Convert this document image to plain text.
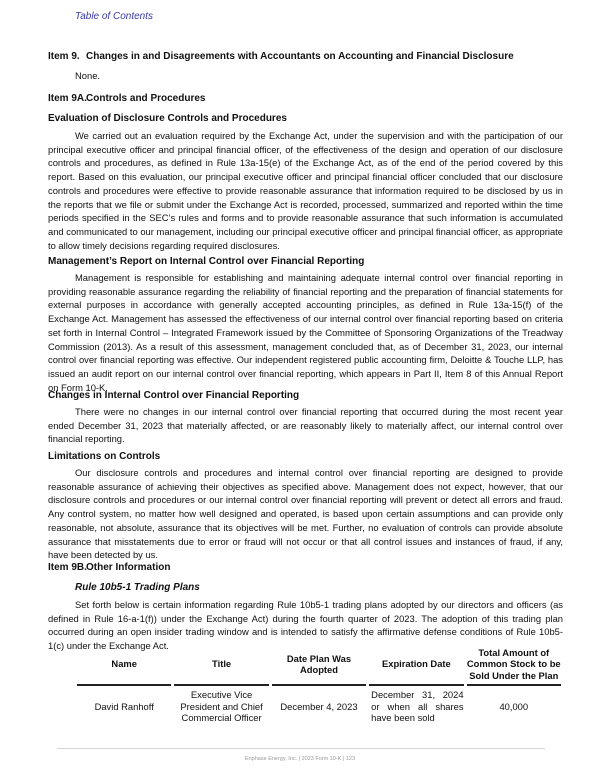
Table of Contents
Item 9. Changes in and Disagreements with Accountants on Accounting and Financial Disclosure
None.
Item 9A.Controls and Procedures
Evaluation of Disclosure Controls and Procedures

We carried out an evaluation required by the Exchange Act, under the supervision and with the participation of our principal executive officer and principal financial officer, of the effectiveness of the design and operation of our disclosure controls and procedures, as defined in Rule 13a-15(e) of the Exchange Act, as of the end of the period covered by this report. Based on this evaluation, our principal executive officer and principal financial officer concluded that our disclosure controls and procedures were effective to provide reasonable assurance that information required to be disclosed by us in the reports that we file or submit under the Exchange Act is recorded, processed, summarized and reported within the time periods specified in the SEC’s rules and forms and to provide reasonable assurance that such information is accumulated and communicated to our management, including our principal executive officer and principal financial officer, as appropriate to allow timely decisions regarding required disclosures.

Management’s Report on Internal Control over Financial Reporting

Management is responsible for establishing and maintaining adequate internal control over financial reporting in providing reasonable assurance regarding the reliability of financial reporting and the preparation of financial statements for external purposes in accordance with generally accepted accounting principles, as defined in Rule 13a-15(f) of the Exchange Act. Management has assessed the effectiveness of our internal control over financial reporting based on criteria set forth in Internal Control – Integrated Framework issued by the Committee of Sponsoring Organizations of the Treadway Commission (2013). As a result of this assessment, management concluded that, as of December 31, 2023, our internal control over financial reporting was effective. Our independent registered public accounting firm, Deloitte & Touche LLP, has issued an audit report on our internal control over financial reporting, which appears in Part II, Item 8 of this Annual Report on Form 10-K.

Changes in Internal Control over Financial Reporting

There were no changes in our internal control over financial reporting that occurred during the most recent year ended December 31, 2023 that materially affected, or are reasonably likely to materially affect, our internal control over financial reporting.

Limitations on Controls

Our disclosure controls and procedures and internal control over financial reporting are designed to provide reasonable assurance of achieving their objectives as specified above. Management does not expect, however, that our disclosure controls and procedures or our internal control over financial reporting will prevent or detect all errors and fraud. Any control system, no matter how well designed and operated, is based upon certain assumptions and can provide only reasonable, not absolute, assurance that its objectives will be met. Further, no evaluation of controls can provide absolute assurance that misstatements due to error or fraud will not occur or that all control issues and instances of fraud, if any, have been detected by us.

Item 9B.Other Information
Rule 10b5-1 Trading Plans

Set forth below is certain information regarding Rule 10b5-1 trading plans adopted by our directors and officers (as defined in Rule 16-a-1(f)) under the Exchange Act) during the fourth quarter of 2023. The adoption of this trading plan occurred during an open insider trading window and is intended to satisfy the affirmative defense conditions of Rule 10b5-1(c) under the Exchange Act.

Name	Title	Date Plan Was Adopted	Expiration Date	Total Amount of Common Stock to be Sold Under the Plan
David Ranhoff	Executive Vice President and Chief Commercial Officer	December 4, 2023	December 31, 2024 or when all shares have been sold	40,000
Enphase Energy, Inc. | 2023 Form 10-K | 123
